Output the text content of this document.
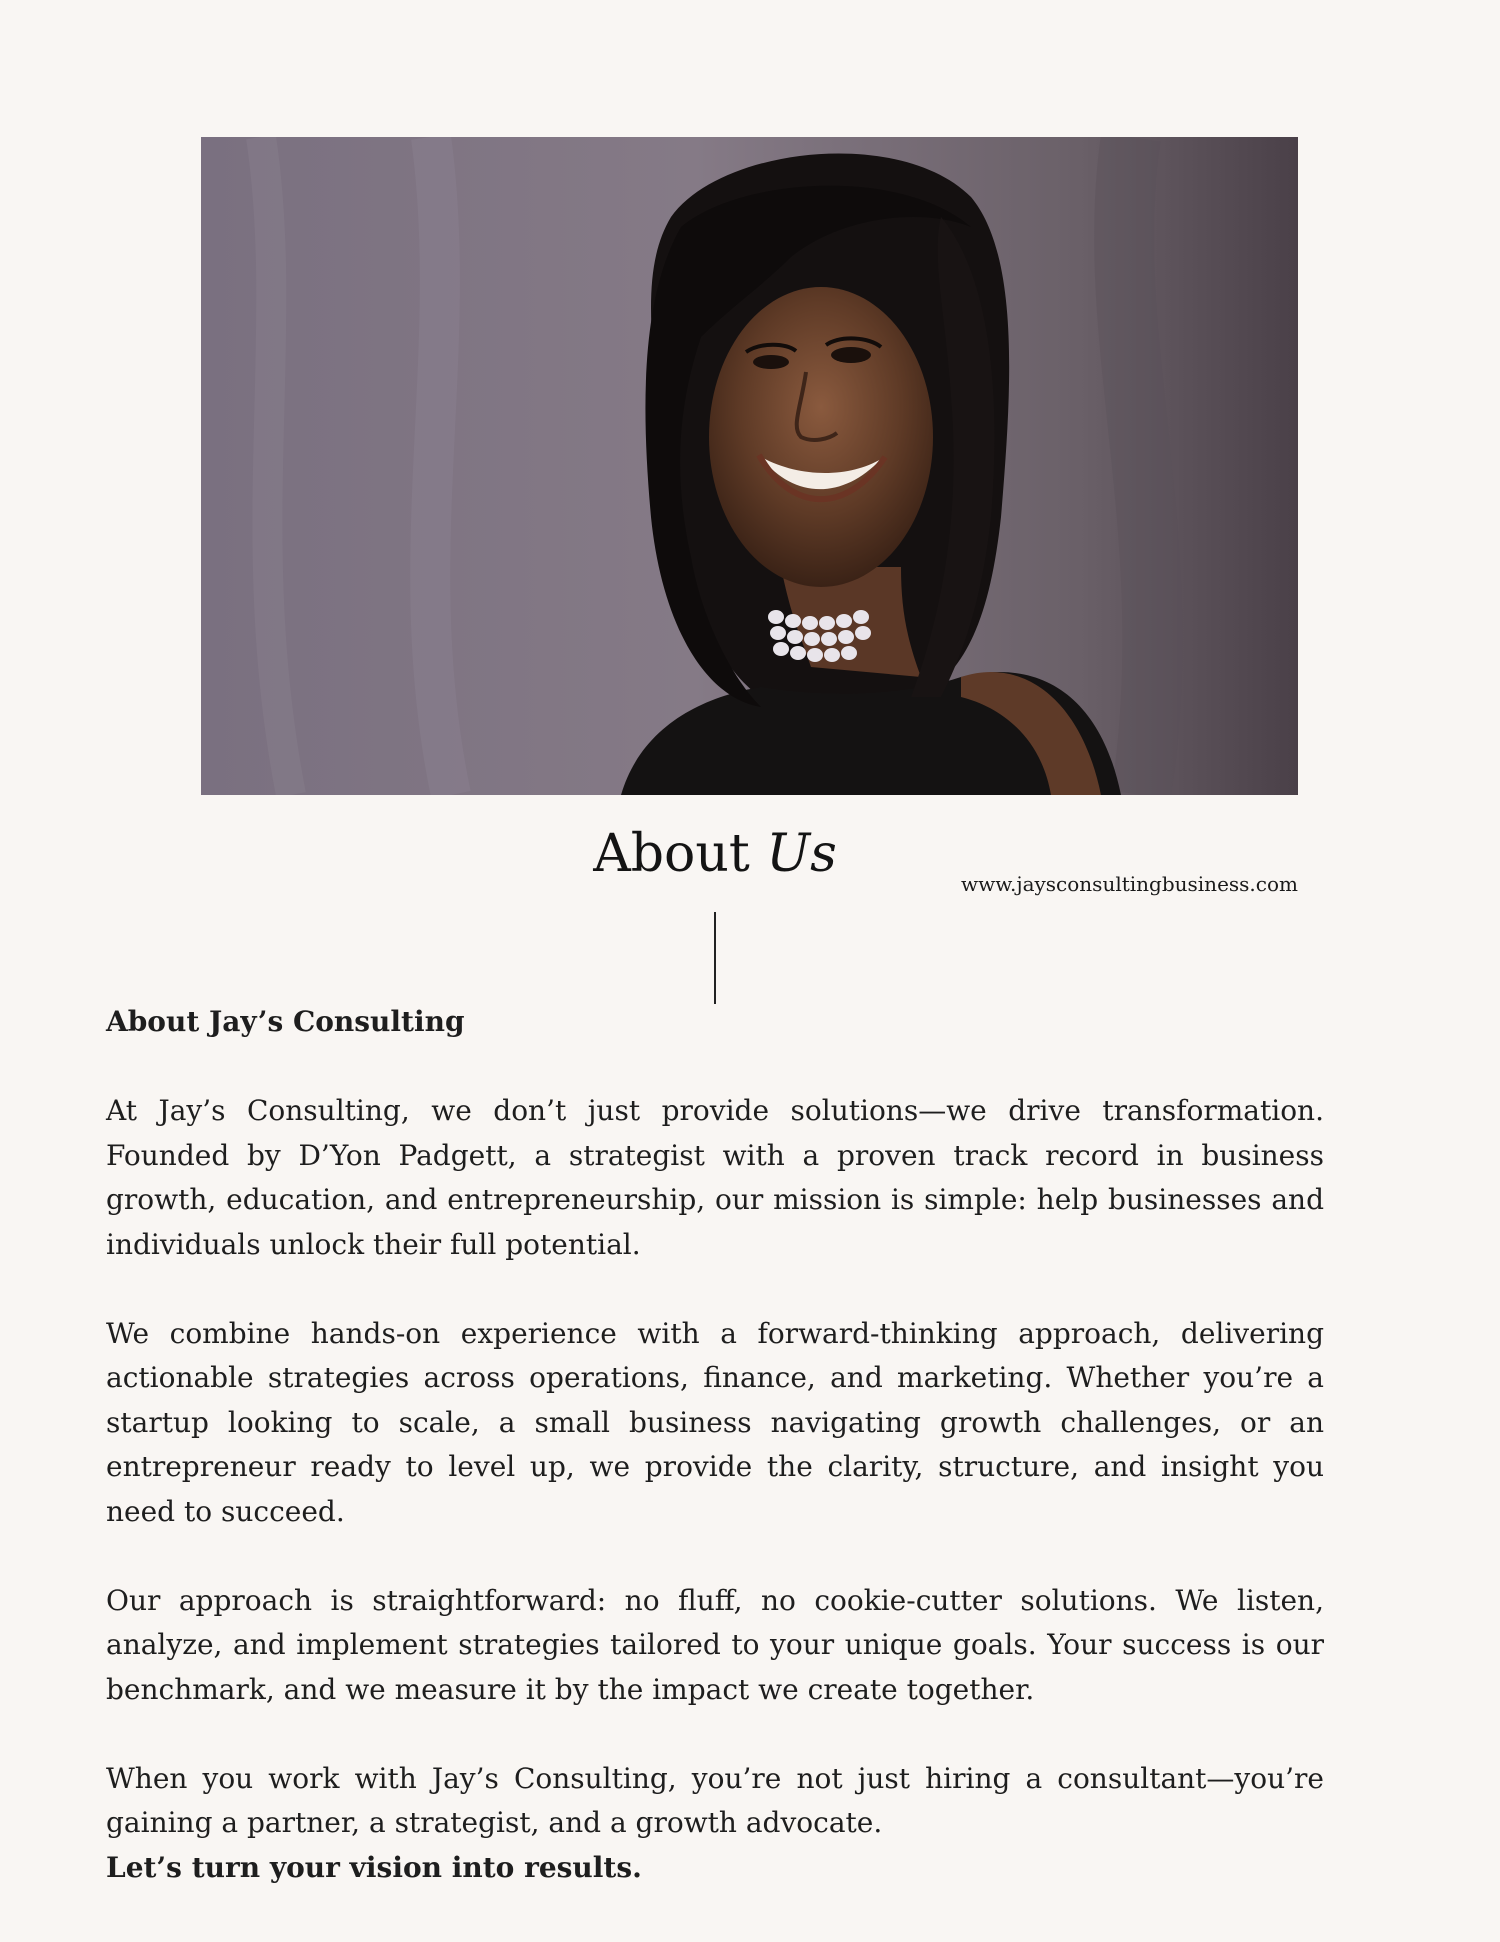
About Us	www.jaysconsultingbusiness.com

About Jay’s Consulting

At Jay’s Consulting, we don’t just provide solutions—we drive transformation. Founded by D’Yon Padgett, a strategist with a proven track record in business growth, education, and entrepreneurship, our mission is simple: help businesses and individuals unlock their full potential.

We combine hands-on experience with a forward-thinking approach, delivering actionable strategies across operations, finance, and marketing. Whether you’re a startup looking to scale, a small business navigating growth challenges, or an entrepreneur ready to level up, we provide the clarity, structure, and insight you need to succeed.

Our approach is straightforward: no fluff, no cookie-cutter solutions. We listen, analyze, and implement strategies tailored to your unique goals. Your success is our benchmark, and we measure it by the impact we create together.

When you work with Jay’s Consulting, you’re not just hiring a consultant—you’re gaining a partner, a strategist, and a growth advocate.

Let’s turn your vision into results.
